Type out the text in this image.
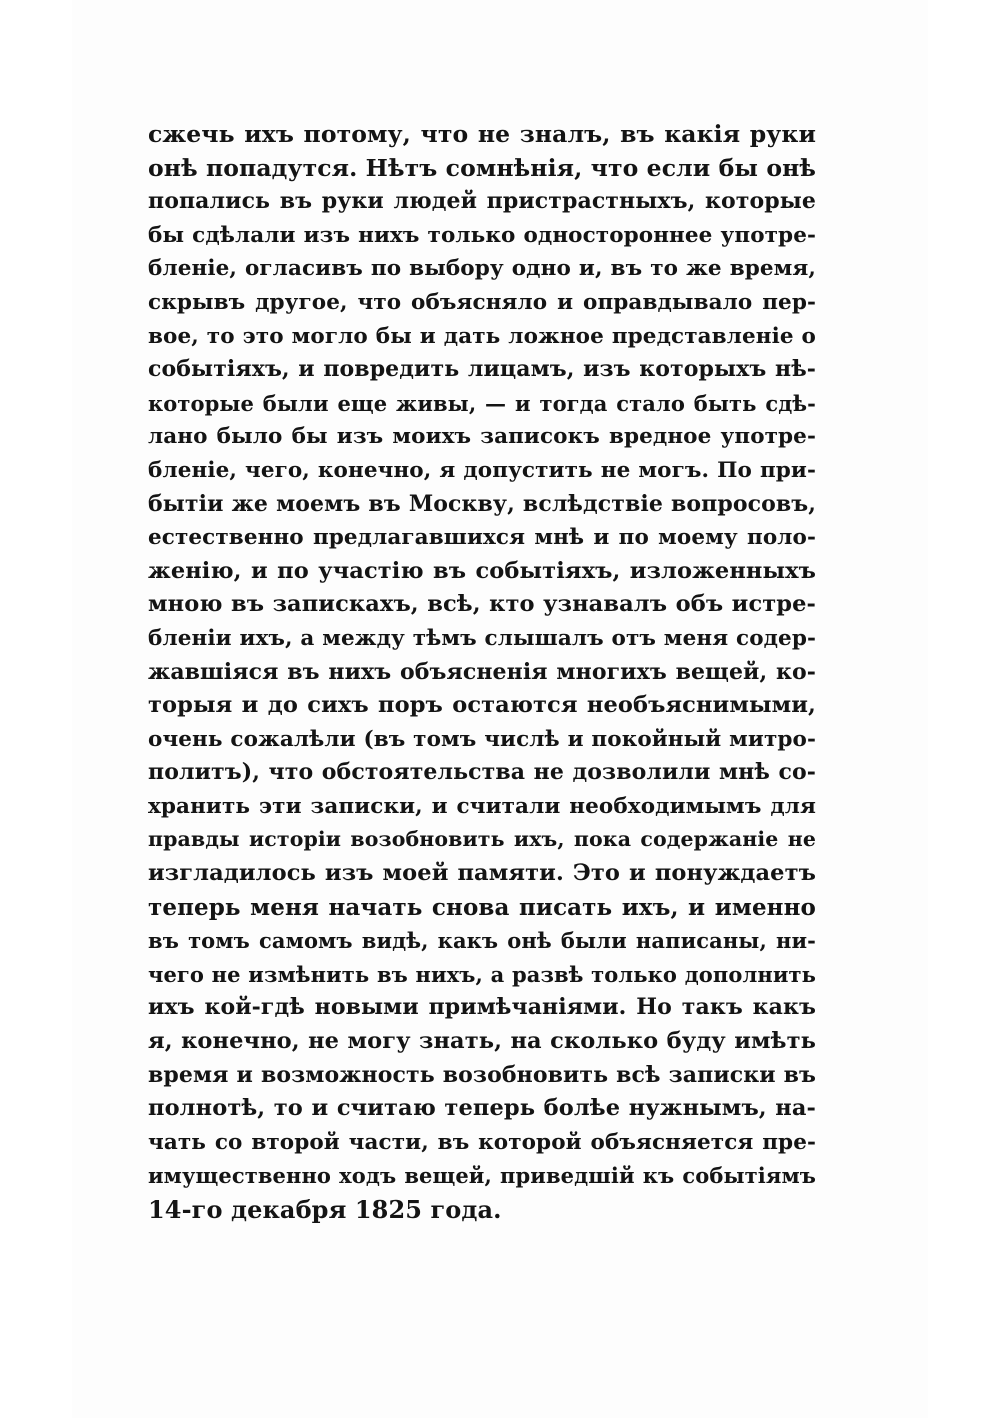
сжечь ихъ потому, что не зналъ, въ какія руки
онѣ попадутся. Нѣтъ сомнѣнія, что если бы онѣ
попались въ руки людей пристрастныхъ, которые
бы сдѣлали изъ нихъ только одностороннее употре-
бленіе, огласивъ по выбору одно и, въ то же время,
скрывъ другое, что объясняло и оправдывало пер-
вое, то это могло бы и дать ложное представленіе о
событіяхъ, и повредить лицамъ, изъ которыхъ нѣ-
которые были еще живы, — и тогда стало быть сдѣ-
лано было бы изъ моихъ записокъ вредное употре-
бленіе, чего, конечно, я допустить не могъ. По при-
бытіи же моемъ въ Москву, вслѣдствіе вопросовъ,
естественно предлагавшихся мнѣ и по моему поло-
женію, и по участію въ событіяхъ, изложенныхъ
мною въ запискахъ, всѣ, кто узнавалъ объ истре-
бленіи ихъ, а между тѣмъ слышалъ отъ меня содер-
жавшіяся въ нихъ объясненія многихъ вещей, ко-
торыя и до сихъ поръ остаются необъяснимыми,
очень сожалѣли (въ томъ числѣ и покойный митро-
политъ), что обстоятельства не дозволили мнѣ со-
хранить эти записки, и считали необходимымъ для
правды исторіи возобновить ихъ, пока содержаніе не
изгладилось изъ моей памяти. Это и понуждаетъ
теперь меня начать снова писать ихъ, и именно
въ томъ самомъ видѣ, какъ онѣ были написаны, ни-
чего не измѣнить въ нихъ, а развѣ только дополнить
ихъ кой-гдѣ новыми примѣчаніями. Но такъ какъ
я, конечно, не могу знать, на сколько буду имѣть
время и возможность возобновить всѣ записки въ
полнотѣ, то и считаю теперь болѣе нужнымъ, на-
чать со второй части, въ которой объясняется пре-
имущественно ходъ вещей, приведшій къ событіямъ
14-го декабря 1825 года.
